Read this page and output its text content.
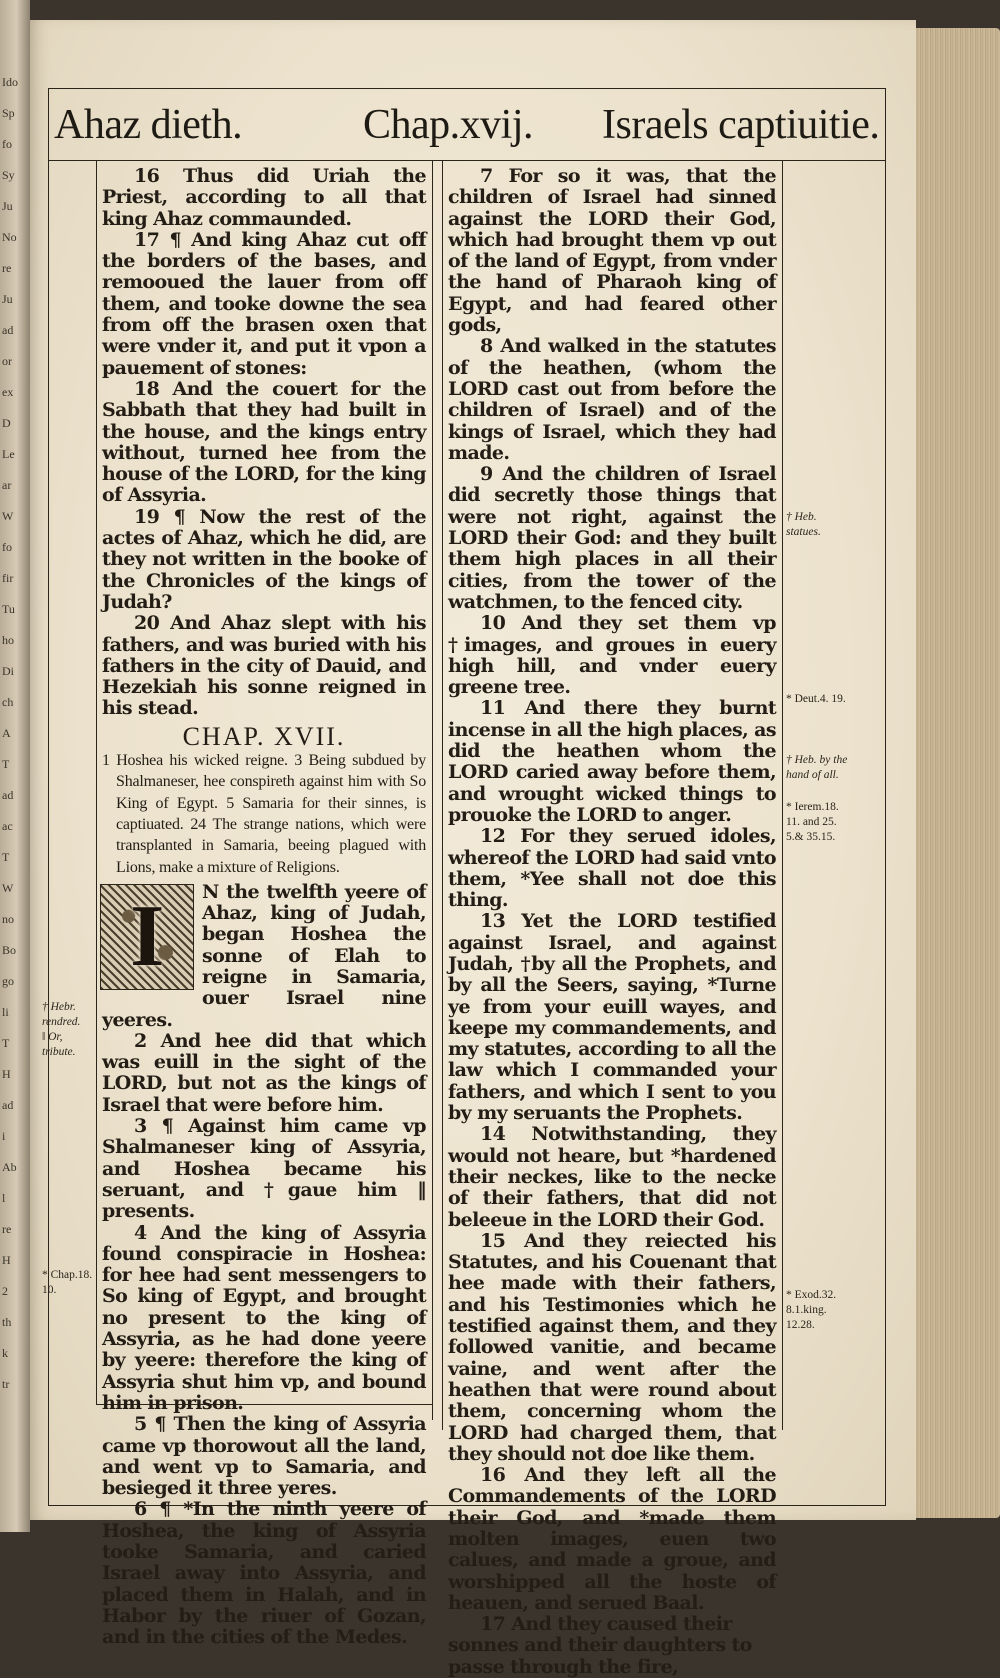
Ido
Sp
fo
Sy
Ju
No
re
Ju
ad
or
ex
D
Le
ar
W
fo
fir
Tu
ho
Di
ch
A
T
ad
ac
T
W
no
Bo
go
li
T
H
ad
i
Ab
l
re
H
2
th
k
tr
Ahaz dieth.	Chap.xvij. Israels captiuitie.

16 Thus did Uriah the Priest, according to all that king Ahaz commaunded.

17 ¶ And king Ahaz cut off the borders of the bases, and remooued the lauer from off them, and tooke downe the sea from off the brasen oxen that were vnder it, and put it vpon a pauement of stones:

18 And the couert for the Sabbath that they had built in the house, and the kings entry without, turned hee from the house of the LORD, for the king of Assyria.

19 ¶ Now the rest of the actes of Ahaz, which he did, are they not written in the booke of the Chronicles of the kings of Judah?

20 And Ahaz slept with his fathers, and was buried with his fathers in the city of Dauid, and Hezekiah his sonne reigned in his stead.

CHAP. XVII.

1 Hoshea his wicked reigne. 3 Being subdued by Shalmaneser, hee conspireth against him with So King of Egypt. 5 Samaria for their sinnes, is captiuated. 24 The strange nations, which were transplanted in Samaria, beeing plagued with Lions, make a mixture of Religions.

I	N the twelfth yeere of Ahaz, king of Judah, began Hoshea the sonne of Elah to reigne in Samaria, ouer Israel nine yeeres.

2 And hee did that which was euill in the sight of the LORD, but not as the kings of Israel that were before him.

3 ¶ Against him came vp Shalmaneser king of Assyria, and Hoshea became his seruant, and †gaue him ‖ presents.

4 And the king of Assyria found conspiracie in Hoshea: for hee had sent messengers to So king of Egypt, and brought no present to the king of Assyria, as he had done yeere by yeere: therefore the king of Assyria shut him vp, and bound him in prison.

5 ¶ Then the king of Assyria came vp thorowout all the land, and went vp to Samaria, and besieged it three yeres.

6 ¶ *In the ninth yeere of Hoshea, the king of Assyria tooke Samaria, and caried Israel away into Assyria, and placed them in Halah, and in Habor by the riuer of Gozan, and in the cities of the Medes.

7 For so it was, that the children of Israel had sinned against the LORD their God, which had brought them vp out of the land of Egypt, from vnder the hand of Pharaoh king of Egypt, and had feared other gods,

8 And walked in the statutes of the heathen, (whom the LORD cast out from before the children of Israel) and of the kings of Israel, which they had made.

9 And the children of Israel did secretly those things that were not right, against the LORD their God: and they built them high places in all their cities, from the tower of the watchmen, to the fenced city.

10 And they set them vp †images, and groues in euery high hill, and vnder euery greene tree.

11 And there they burnt incense in all the high places, as did the heathen whom the LORD caried away before them, and wrought wicked things to prouoke the LORD to anger.

12 For they serued idoles, whereof the LORD had said vnto them, *Yee shall not doe this thing.

13 Yet the LORD testified against Israel, and against Judah, †by all the Prophets, and by all the Seers, saying, *Turne ye from your euill wayes, and keepe my commandements, and my statutes, according to all the law which I commanded your fathers, and which I sent to you by my seruants the Prophets.

14 Notwithstanding, they would not heare, but *hardened their neckes, like to the necke of their fathers, that did not beleeue in the LORD their God.

15 And they reiected his Statutes, and his Couenant that hee made with their fathers, and his Testimonies which he testified against them, and they followed vanitie, and became vaine, and went after the heathen that were round about them, concerning whom the LORD had charged them, that they should not doe like them.

16 And they left all the Commandements of the LORD their God, and *made them molten images, euen two calues, and made a groue, and worshipped all the hoste of heauen, and serued Baal.

17 And they caused their sonnes and their daughters to passe through the fire,

† Hebr. rendred.
‖ Or, tribute.
* Chap.18. 10.
† Heb. statues.
* Deut.4. 19.
† Heb. by the hand of all.
* Ierem.18. 11. and 25. 5.& 35.15.
* Exod.32. 8.1.king. 12.28.
